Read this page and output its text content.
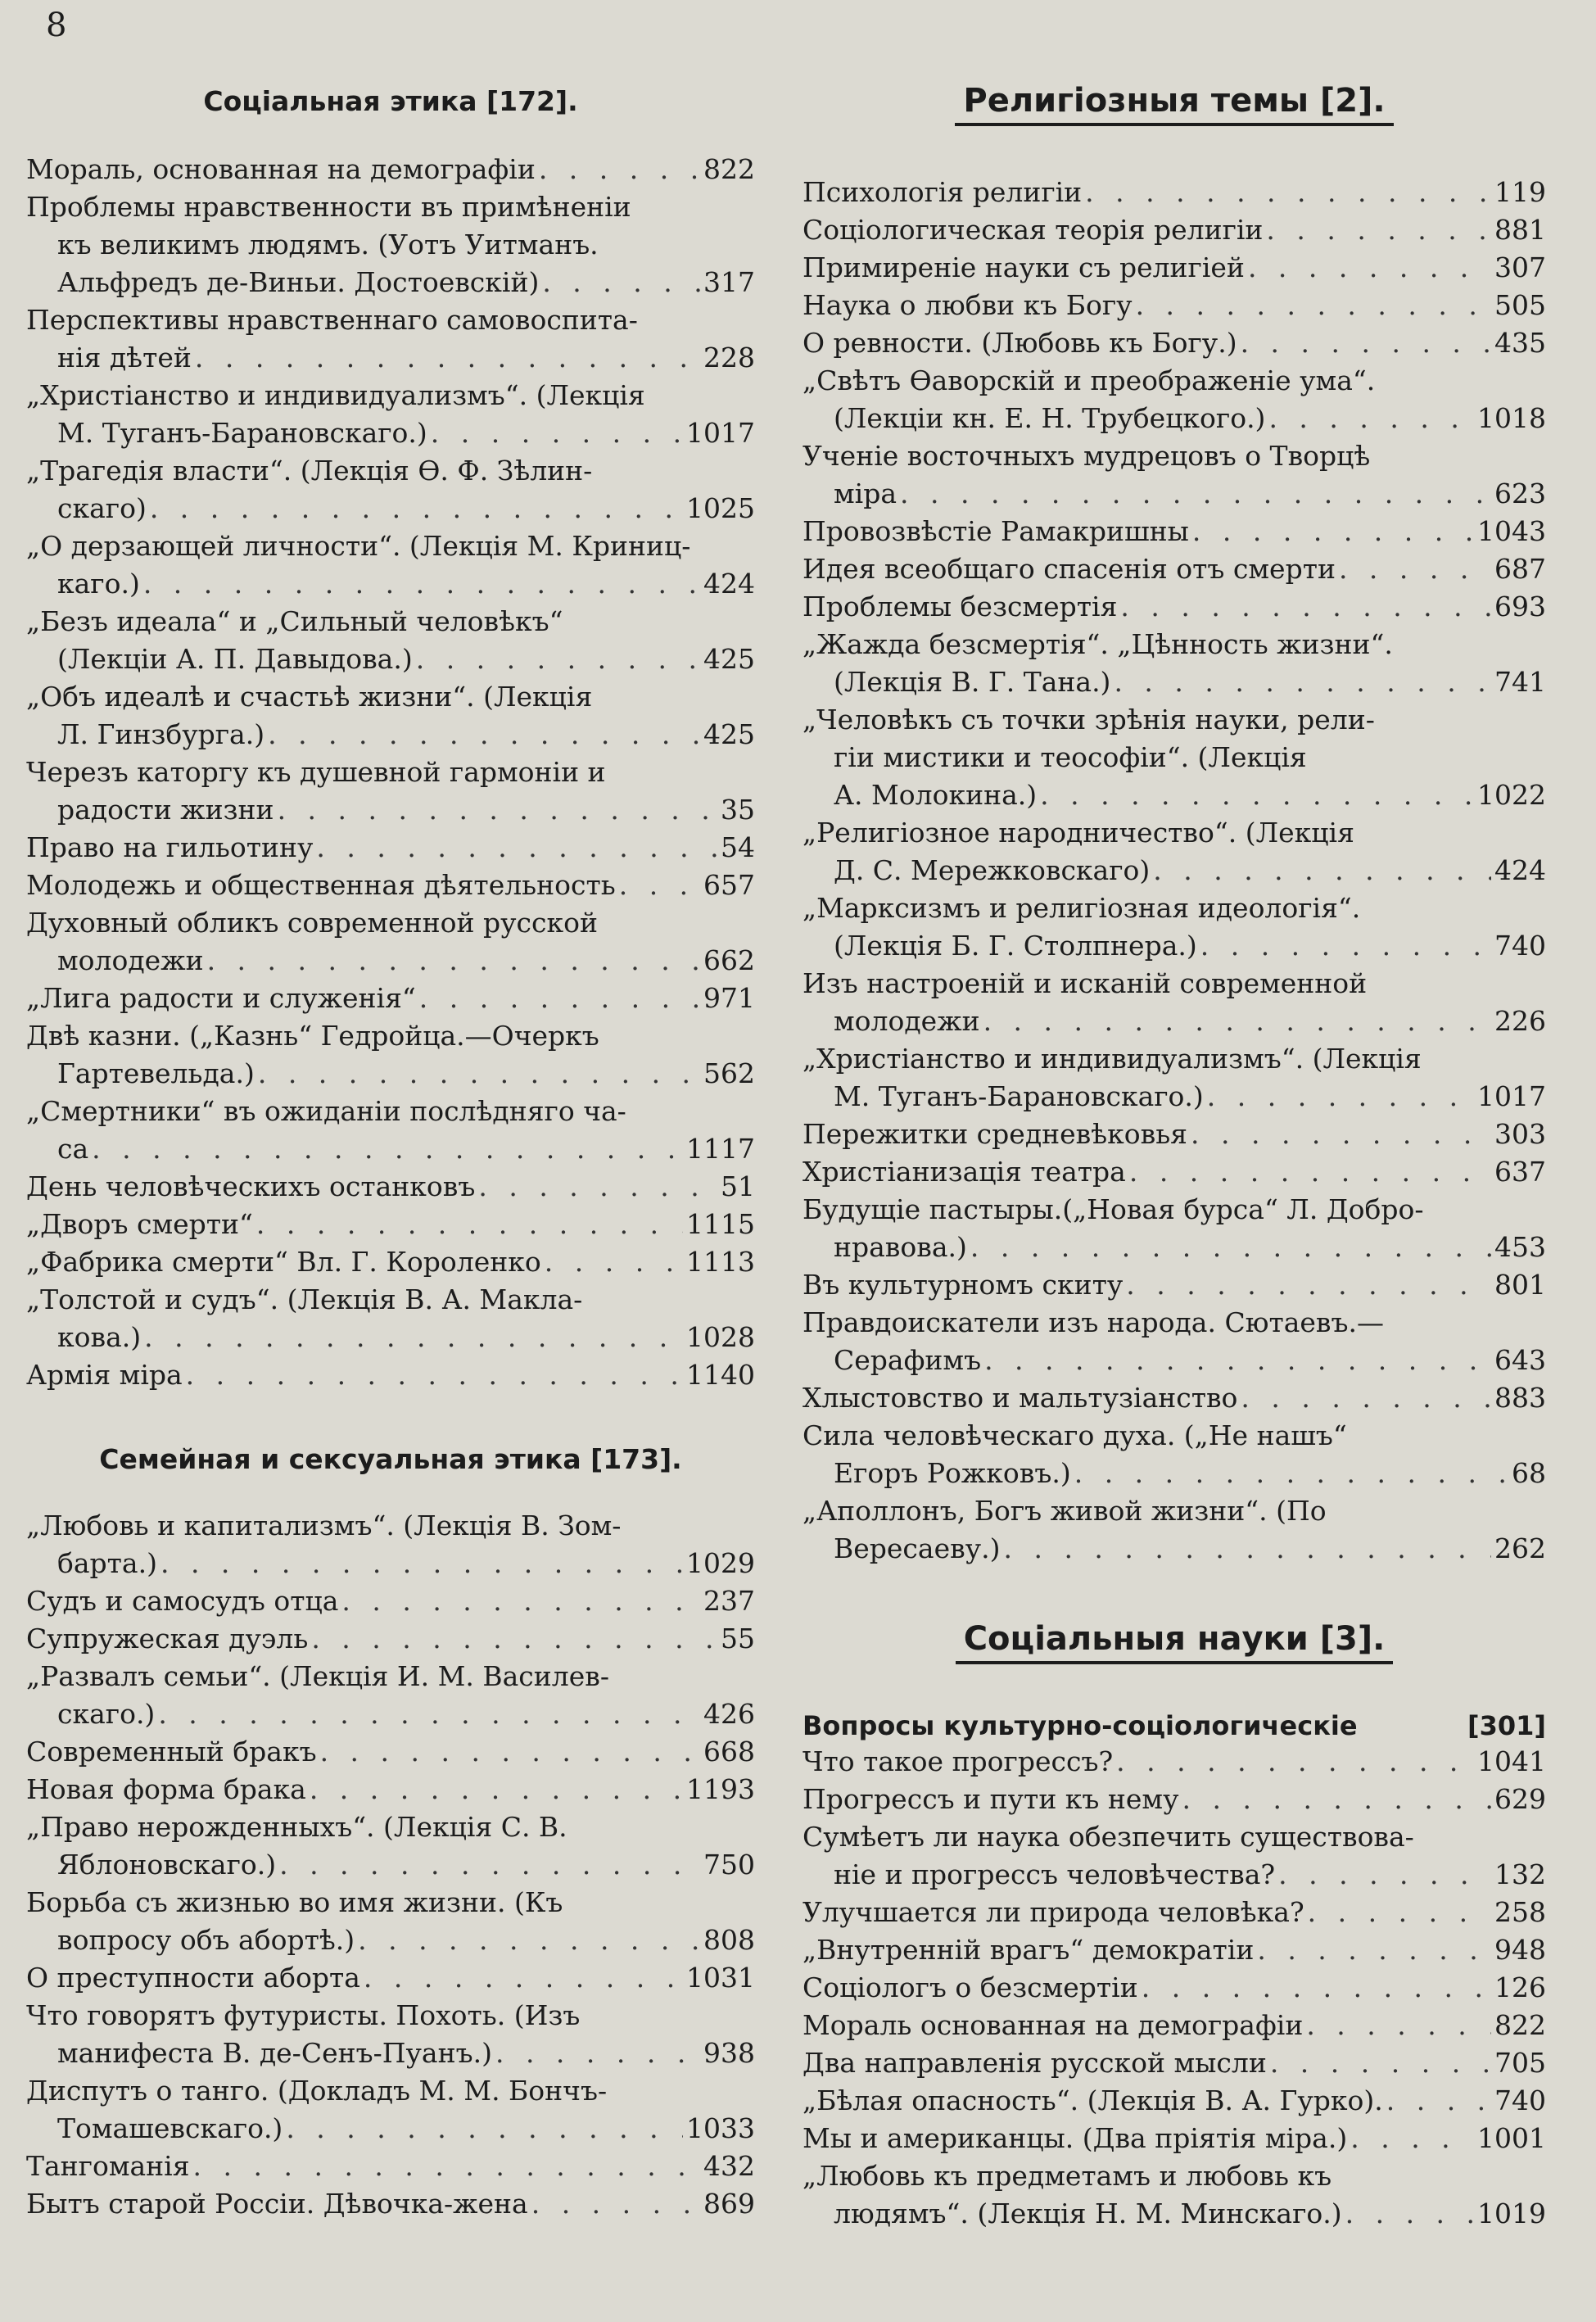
8
Соціальная этика [172].
Мораль, основанная на демографіи . . .	822
Проблемы нравственности въ примѣненіи
къ великимъ людямъ. (Уотъ Уитманъ.
Альфредъ де-Виньи. Достоевскій) . . .	317
Перспективы нравственнаго самовоспита-
нія дѣтей . . .	228
„Христіанство и индивидуализмъ“. (Лекція
М. Туганъ-Барановскаго.) . . .	1017
„Трагедія власти“. (Лекція Ѳ. Ф. Зѣлин-
скаго) . . .	1025
„О дерзающей личности“. (Лекція М. Криниц-
каго.) . . .	424
„Безъ идеала“ и „Сильный человѣкъ“
(Лекціи А. П. Давыдова.) . . .	425
„Объ идеалѣ и счастьѣ жизни“. (Лекція
Л. Гинзбурга.) . . .	425
Черезъ каторгу къ душевной гармоніи и
радости жизни . . .	35
Право на гильотину . . .	54
Молодежь и общественная дѣятельность . . .	657
Духовный обликъ современной русской
молодежи . . .	662
„Лига радости и служенія“ . . .	971
Двѣ казни. („Казнь“ Гедройца.—Очеркъ
Гартевельда.) . . .	562
„Смертники“ въ ожиданіи послѣдняго ча-
са . . .	1117
День человѣческихъ останковъ . . .	51
„Дворъ смерти“ . . .	1115
„Фабрика смерти“ Вл. Г. Короленко . . .	1113
„Толстой и судъ“. (Лекція В. А. Макла-
кова.) . . .	1028
Армія міра . . .	1140
Семейная и сексуальная этика [173].
„Любовь и капитализмъ“. (Лекція В. Зом-
барта.) . . .	1029
Судъ и самосудъ отца . . .	237
Супружеская дуэль . . .	55
„Развалъ семьи“. (Лекція И. М. Василев-
скаго.) . . .	426
Современный бракъ . . .	668
Новая форма брака . . .	1193
„Право нерожденныхъ“. (Лекція С. В.
Яблоновскаго.) . . .	750
Борьба съ жизнью во имя жизни. (Къ
вопросу объ абортѣ.) . . .	808
О преступности аборта . . .	1031
Что говорятъ футуристы. Похоть. (Изъ
манифеста В. де-Сенъ-Пуанъ.) . . .	938
Диспутъ о танго. (Докладъ М. М. Бончъ-
Томашевскаго.) . . .	1033
Тангоманія . . .	432
Бытъ старой Россіи. Дѣвочка-жена . . .	869
Религіозныя темы [2].
Психологія религіи . . .	119
Соціологическая теорія религіи . . .	881
Примиреніе науки съ религіей . . .	307
Наука о любви къ Богу . . .	505
О ревности. (Любовь къ Богу.) . . .	435
„Свѣтъ Ѳаворскій и преображеніе ума“.
(Лекціи кн. Е. Н. Трубецкого.) . . .	1018
Ученіе восточныхъ мудрецовъ о Творцѣ
міра . . .	623
Провозвѣстіе Рамакришны . . .	1043
Идея всеобщаго спасенія отъ смерти . . .	687
Проблемы безсмертія . . .	693
„Жажда безсмертія“. „Цѣнность жизни“.
(Лекція В. Г. Тана.) . . .	741
„Человѣкъ съ точки зрѣнія науки, рели-
гіи мистики и теософіи“. (Лекція
А. Молокина.) . . .	1022
„Религіозное народничество“. (Лекція
Д. С. Мережковскаго) . . .	424
„Марксизмъ и религіозная идеологія“.
(Лекція Б. Г. Столпнера.) . . .	740
Изъ настроеній и исканій современной
молодежи . . .	226
„Христіанство и индивидуализмъ“. (Лекція
М. Туганъ-Барановскаго.) . . .	1017
Пережитки средневѣковья . . .	303
Христіанизація театра . . .	637
Будущіе пастыры.(„Новая бурса“ Л. Добро-
нравова.) . . .	453
Въ культурномъ скиту . . .	801
Правдоискатели изъ народа. Сютаевъ.—
Серафимъ . . .	643
Хлыстовство и мальтузіанство . . .	883
Сила человѣческаго духа. („Не нашъ“
Егоръ Рожковъ.) . . .	68
„Аполлонъ, Богъ живой жизни“. (По
Вересаеву.) . . .	262
Соціальныя науки [3].
Вопросы культурно-соціологическіе	[301]
Что такое прогрессъ? . . .	1041
Прогрессъ и пути къ нему . . .	629
Сумѣетъ ли наука обезпечить существова-
ніе и прогрессъ человѣчества? . . .	132
Улучшается ли природа человѣка? . . .	258
„Внутренній врагъ“ демократіи . . .	948
Соціологъ о безсмертіи . . .	126
Мораль основанная на демографіи . . .	822
Два направленія русской мысли . . .	705
„Бѣлая опасность“. (Лекція В. А. Гурко). . . .	740
Мы и американцы. (Два пріятія міра.) . . .	1001
„Любовь къ предметамъ и любовь къ
людямъ“. (Лекція Н. М. Минскаго.) . . .	1019
